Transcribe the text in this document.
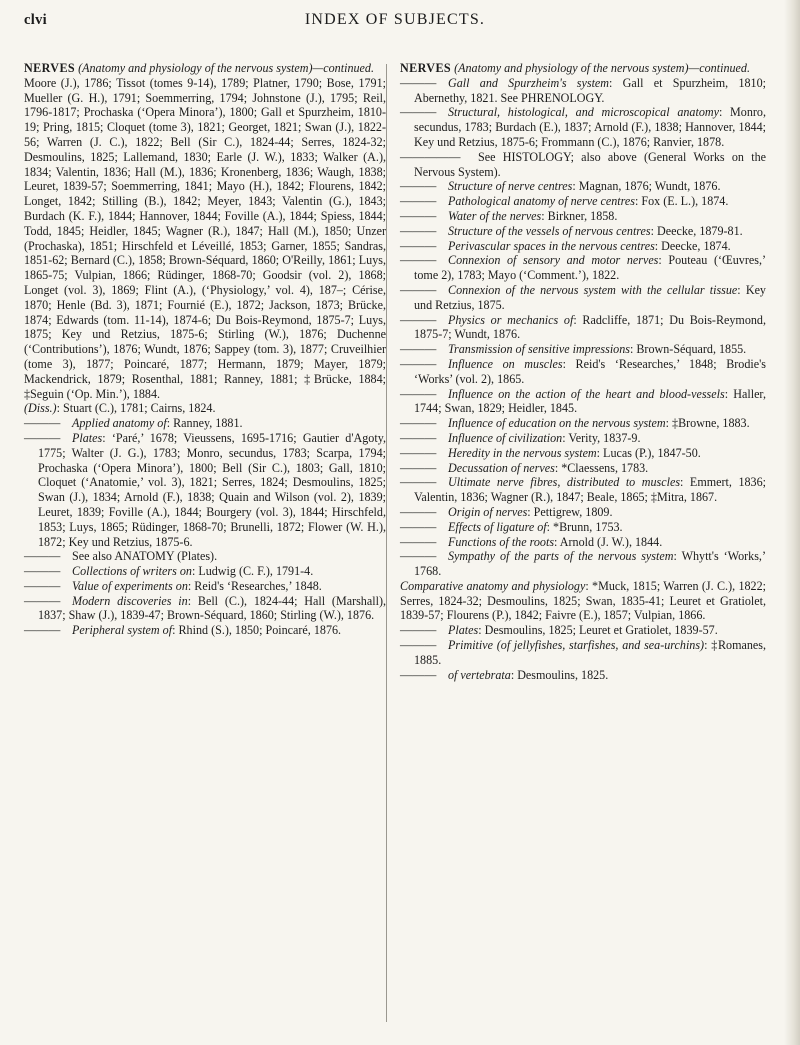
clvi	INDEX OF SUBJECTS.

NERVES (Anatomy and physiology of the nervous system)—continued.

Moore (J.), 1786; Tissot (tomes 9-14), 1789; Platner, 1790; Bose, 1791; Mueller (G. H.), 1791; Soemmerring, 1794; Johnstone (J.), 1795; Reil, 1796-1817; Prochaska (‘Opera Minora’), 1800; Gall et Spurzheim, 1810-19; Pring, 1815; Cloquet (tome 3), 1821; Georget, 1821; Swan (J.), 1822-56; Warren (J. C.), 1822; Bell (Sir C.), 1824-44; Serres, 1824-32; Desmoulins, 1825; Lallemand, 1830; Earle (J. W.), 1833; Walker (A.), 1834; Valentin, 1836; Hall (M.), 1836; Kronenberg, 1836; Waugh, 1838; Leuret, 1839-57; Soemmerring, 1841; Mayo (H.), 1842; Flourens, 1842; Longet, 1842; Stilling (B.), 1842; Meyer, 1843; Valentin (G.), 1843; Burdach (K. F.), 1844; Hannover, 1844; Foville (A.), 1844; Spiess, 1844; Todd, 1845; Heidler, 1845; Wagner (R.), 1847; Hall (M.), 1850; Unzer (Prochaska), 1851; Hirschfeld et Léveillé, 1853; Garner, 1855; Sandras, 1851-62; Bernard (C.), 1858; Brown-Séquard, 1860; O'Reilly, 1861; Luys, 1865-75; Vulpian, 1866; Rüdinger, 1868-70; Goodsir (vol. 2), 1868; Longet (vol. 3), 1869; Flint (A.), (‘Physiology,’ vol. 4), 187–; Cérise, 1870; Henle (Bd. 3), 1871; Fournié (E.), 1872; Jackson, 1873; Brücke, 1874; Edwards (tom. 11-14), 1874-6; Du Bois-Reymond, 1875-7; Luys, 1875; Key und Retzius, 1875-6; Stirling (W.), 1876; Duchenne (‘Contributions’), 1876; Wundt, 1876; Sappey (tom. 3), 1877; Cruveilhier (tome 3), 1877; Poincaré, 1877; Hermann, 1879; Mayer, 1879; Mackendrick, 1879; Rosenthal, 1881; Ranney, 1881; ‡Brücke, 1884; ‡Seguin (‘Op. Min.’), 1884.

(Diss.): Stuart (C.), 1781; Cairns, 1824.

——— Applied anatomy of: Ranney, 1881.

——— Plates: ‘Paré,’ 1678; Vieussens, 1695-1716; Gautier d'Agoty, 1775; Walter (J. G.), 1783; Monro, secundus, 1783; Scarpa, 1794; Prochaska (‘Opera Minora’), 1800; Bell (Sir C.), 1803; Gall, 1810; Cloquet (‘Anatomie,’ vol. 3), 1821; Serres, 1824; Desmoulins, 1825; Swan (J.), 1834; Arnold (F.), 1838; Quain and Wilson (vol. 2), 1839; Leuret, 1839; Foville (A.), 1844; Bourgery (vol. 3), 1844; Hirschfeld, 1853; Luys, 1865; Rüdinger, 1868-70; Brunelli, 1872; Flower (W. H.), 1872; Key und Retzius, 1875-6.

——— See also ANATOMY (Plates).

——— Collections of writers on: Ludwig (C. F.), 1791-4.

——— Value of experiments on: Reid's ‘Researches,’ 1848.

——— Modern discoveries in: Bell (C.), 1824-44; Hall (Marshall), 1837; Shaw (J.), 1839-47; Brown-Séquard, 1860; Stirling (W.), 1876.

——— Peripheral system of: Rhind (S.), 1850; Poincaré, 1876.

NERVES (Anatomy and physiology of the nervous system)—continued.

——— Gall and Spurzheim's system: Gall et Spurzheim, 1810; Abernethy, 1821. See PHRENOLOGY.

——— Structural, histological, and microscopical anatomy: Monro, secundus, 1783; Burdach (E.), 1837; Arnold (F.), 1838; Hannover, 1844; Key und Retzius, 1875-6; Frommann (C.), 1876; Ranvier, 1878.

————— See HISTOLOGY; also above (General Works on the Nervous System).

——— Structure of nerve centres: Magnan, 1876; Wundt, 1876.

——— Pathological anatomy of nerve centres: Fox (E. L.), 1874.

——— Water of the nerves: Birkner, 1858.

——— Structure of the vessels of nervous centres: Deecke, 1879-81.

——— Perivascular spaces in the nervous centres: Deecke, 1874.

——— Connexion of sensory and motor nerves: Pouteau (‘Œuvres,’ tome 2), 1783; Mayo (‘Comment.’), 1822.

——— Connexion of the nervous system with the cellular tissue: Key und Retzius, 1875.

——— Physics or mechanics of: Radcliffe, 1871; Du Bois-Reymond, 1875-7; Wundt, 1876.

——— Transmission of sensitive impressions: Brown-Séquard, 1855.

——— Influence on muscles: Reid's ‘Researches,’ 1848; Brodie's ‘Works’ (vol. 2), 1865.

——— Influence on the action of the heart and blood-vessels: Haller, 1744; Swan, 1829; Heidler, 1845.

——— Influence of education on the nervous system: ‡Browne, 1883.

——— Influence of civilization: Verity, 1837-9.

——— Heredity in the nervous system: Lucas (P.), 1847-50.

——— Decussation of nerves: *Claessens, 1783.

——— Ultimate nerve fibres, distributed to muscles: Emmert, 1836; Valentin, 1836; Wagner (R.), 1847; Beale, 1865; ‡Mitra, 1867.

——— Origin of nerves: Pettigrew, 1809.

——— Effects of ligature of: *Brunn, 1753.

——— Functions of the roots: Arnold (J. W.), 1844.

——— Sympathy of the parts of the nervous system: Whytt's ‘Works,’ 1768.

Comparative anatomy and physiology: *Muck, 1815; Warren (J. C.), 1822; Serres, 1824-32; Desmoulins, 1825; Swan, 1835-41; Leuret et Gratiolet, 1839-57; Flourens (P.), 1842; Faivre (E.), 1857; Vulpian, 1866.

——— Plates: Desmoulins, 1825; Leuret et Gratiolet, 1839-57.

——— Primitive (of jellyfishes, starfishes, and sea-urchins): ‡Romanes, 1885.

——— of vertebrata: Desmoulins, 1825.
